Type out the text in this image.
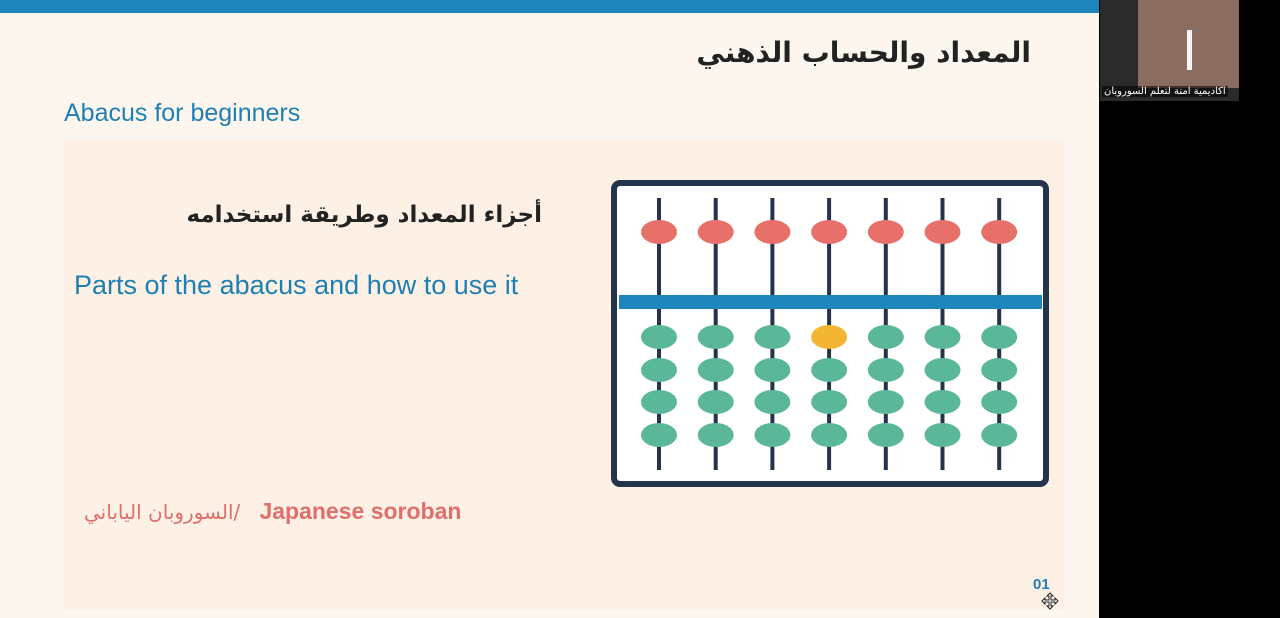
المعداد والحساب الذهني
Abacus for beginners
أجزاء المعداد وطريقة استخدامه
Parts of the abacus and how to use it
السوروبان الياباني/ Japanese soroban
01
اكاديمية امنة لتعلم السوروبان
